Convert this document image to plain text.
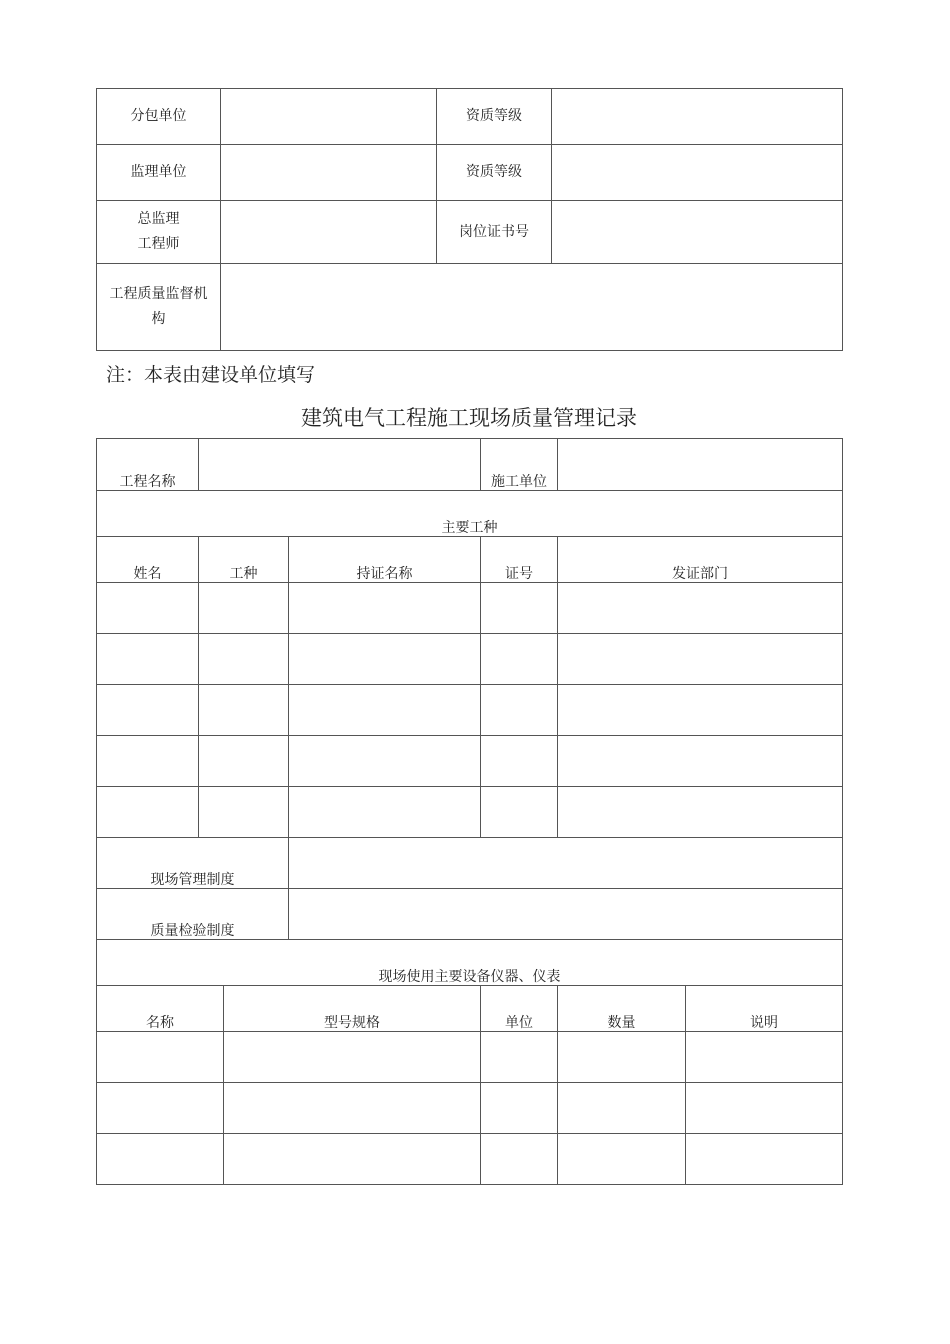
分包单位		资质等级	
监理单位		资质等级	

总监理
工程师		岗位证书号	

工程质量监督机
构			

注：本表由建设单位填写
建筑电气工程施工现场质量管理记录
工程名称				施工单位		
主要工种						
姓名	工种		持证名称	证号	发证部门	

现场管理制度						
质量检验制度						
现场使用主要设备仪器、仪表						
名称		型号规格		单位	数量	说明
